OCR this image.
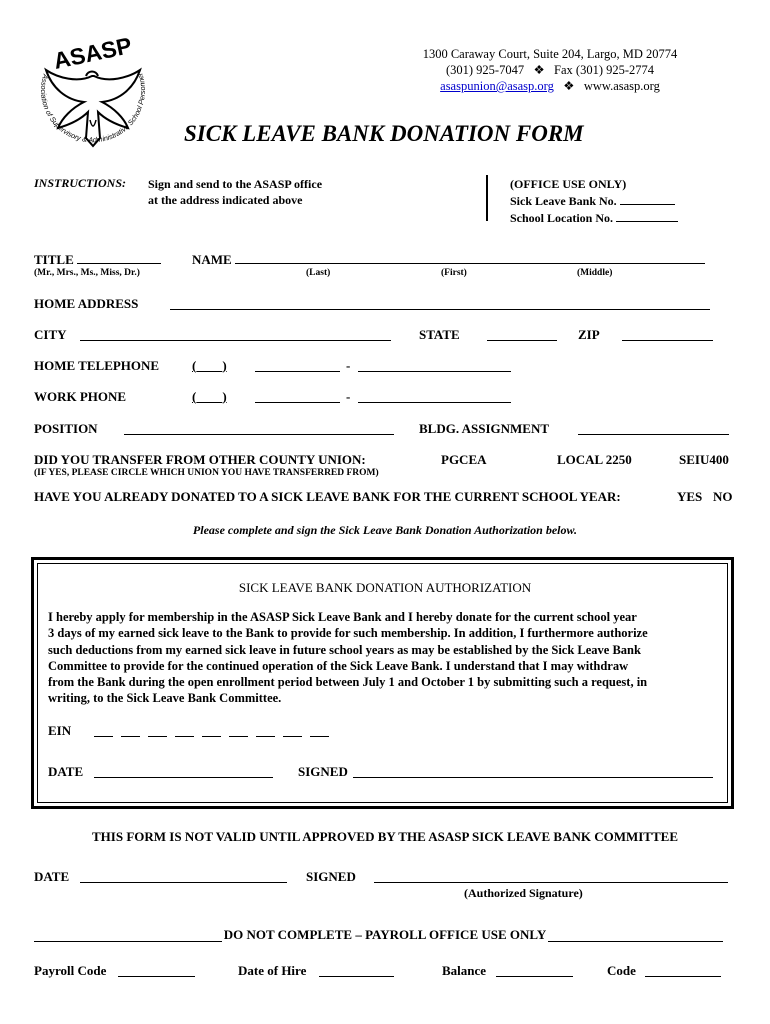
ASASP
Association of Supervisory & Administrative School Personnel
1300 Caraway Court, Suite 204, Largo, MD 20774
(301) 925-7047 ❖ Fax (301) 925-2774
asaspunion@asasp.org ❖ www.asasp.org
SICK LEAVE BANK DONATION FORM
INSTRUCTIONS: Sign and send to the ASASP office
at the address indicated above
(OFFICE USE ONLY)
Sick Leave Bank No.
School Location No.
TITLE
(Mr., Mrs., Ms., Miss, Dr.)
NAME
(Last)	(First)	(Middle)
HOME ADDRESS
CITY	STATE	ZIP
HOME TELEPHONE	( )	-
WORK PHONE	( )	-
POSITION	BLDG. ASSIGNMENT
DID YOU TRANSFER FROM OTHER COUNTY UNION:
(IF YES, PLEASE CIRCLE WHICH UNION YOU HAVE TRANSFERRED FROM)
PGCEA	LOCAL 2250	SEIU400
HAVE YOU ALREADY DONATED TO A SICK LEAVE BANK FOR THE CURRENT SCHOOL YEAR:	YES NO
Please complete and sign the Sick Leave Bank Donation Authorization below.
SICK LEAVE BANK DONATION AUTHORIZATION
I hereby apply for membership in the ASASP Sick Leave Bank and I hereby donate for the current school year
3 days of my earned sick leave to the Bank to provide for such membership. In addition, I furthermore authorize
such deductions from my earned sick leave in future school years as may be established by the Sick Leave Bank
Committee to provide for the continued operation of the Sick Leave Bank. I understand that I may withdraw
from the Bank during the open enrollment period between July 1 and October 1 by submitting such a request, in
writing, to the Sick Leave Bank Committee.
EIN
DATE	SIGNED
THIS FORM IS NOT VALID UNTIL APPROVED BY THE ASASP SICK LEAVE BANK COMMITTEE
DATE	SIGNED
(Authorized Signature)
DO NOT COMPLETE – PAYROLL OFFICE USE ONLY
Payroll Code	Date of Hire	Balance	Code
